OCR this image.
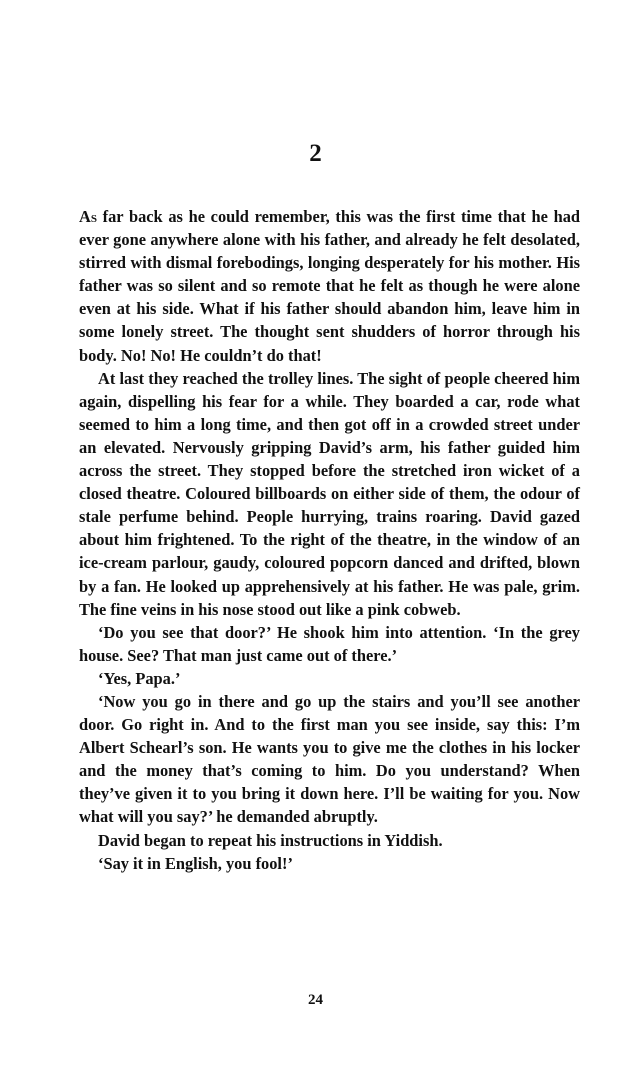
2

As far back as he could remember, this was the first time that he had ever gone anywhere alone with his father, and already he felt desolated, stirred with dismal forebodings, longing desperately for his mother. His father was so silent and so remote that he felt as though he were alone even at his side. What if his father should abandon him, leave him in some lonely street. The thought sent shudders of horror through his body. No! No! He couldn’t do that!

At last they reached the trolley lines. The sight of people cheered him again, dispelling his fear for a while. They boarded a car, rode what seemed to him a long time, and then got off in a crowded street under an elevated. Nervously gripping David’s arm, his father guided him across the street. They stopped before the stretched iron wicket of a closed theatre. Coloured billboards on either side of them, the odour of stale perfume behind. People hurrying, trains roaring. David gazed about him frightened. To the right of the theatre, in the window of an ice-cream parlour, gaudy, coloured popcorn danced and drifted, blown by a fan. He looked up apprehensively at his father. He was pale, grim. The fine veins in his nose stood out like a pink cobweb.

‘Do you see that door?’ He shook him into attention. ‘In the grey house. See? That man just came out of there.’

‘Yes, Papa.’

‘Now you go in there and go up the stairs and you’ll see another door. Go right in. And to the first man you see inside, say this: I’m Albert Schearl’s son. He wants you to give me the clothes in his locker and the money that’s coming to him. Do you understand? When they’ve given it to you bring it down here. I’ll be waiting for you. Now what will you say?’ he demanded abruptly.

David began to repeat his instructions in Yiddish.

‘Say it in English, you fool!’

24
